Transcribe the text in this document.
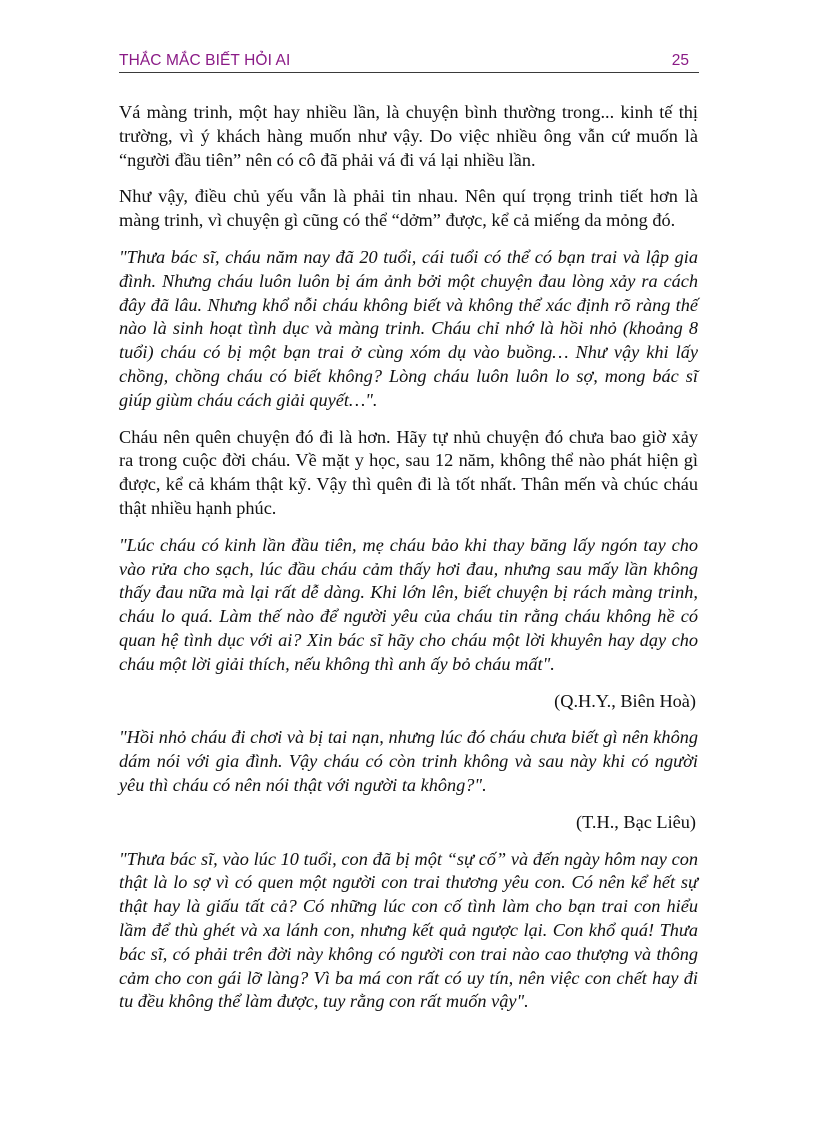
THẮC MẮC BIẾT HỎI AI	25

Vá màng trinh, một hay nhiều lần, là chuyện bình thường trong... kinh tế thị trường, vì ý khách hàng muốn như vậy. Do việc nhiều ông vẫn cứ muốn là “người đầu tiên” nên có cô đã phải vá đi vá lại nhiều lần.

Như vậy, điều chủ yếu vẫn là phải tin nhau. Nên quí trọng trinh tiết hơn là màng trinh, vì chuyện gì cũng có thể “dởm” được, kể cả miếng da mỏng đó.

"Thưa bác sĩ, cháu năm nay đã 20 tuổi, cái tuổi có thể có bạn trai và lập gia đình. Nhưng cháu luôn luôn bị ám ảnh bởi một chuyện đau lòng xảy ra cách đây đã lâu. Nhưng khổ nỗi cháu không biết và không thể xác định rõ ràng thế nào là sinh hoạt tình dục và màng trinh. Cháu chỉ nhớ là hồi nhỏ (khoảng 8 tuổi) cháu có bị một bạn trai ở cùng xóm dụ vào buồng… Như vậy khi lấy chồng, chồng cháu có biết không? Lòng cháu luôn luôn lo sợ, mong bác sĩ giúp giùm cháu cách giải quyết…".

Cháu nên quên chuyện đó đi là hơn. Hãy tự nhủ chuyện đó chưa bao giờ xảy ra trong cuộc đời cháu. Về mặt y học, sau 12 năm, không thể nào phát hiện gì được, kể cả khám thật kỹ. Vậy thì quên đi là tốt nhất. Thân mến và chúc cháu thật nhiều hạnh phúc.

"Lúc cháu có kinh lần đầu tiên, mẹ cháu bảo khi thay băng lấy ngón tay cho vào rửa cho sạch, lúc đầu cháu cảm thấy hơi đau, nhưng sau mấy lần không thấy đau nữa mà lại rất dễ dàng. Khi lớn lên, biết chuyện bị rách màng trinh, cháu lo quá. Làm thế nào để người yêu của cháu tin rằng cháu không hề có quan hệ tình dục với ai? Xin bác sĩ hãy cho cháu một lời khuyên hay dạy cho cháu một lời giải thích, nếu không thì anh ấy bỏ cháu mất".

(Q.H.Y., Biên Hoà)

"Hồi nhỏ cháu đi chơi và bị tai nạn, nhưng lúc đó cháu chưa biết gì nên không dám nói với gia đình. Vậy cháu có còn trinh không và sau này khi có người yêu thì cháu có nên nói thật với người ta không?".

(T.H., Bạc Liêu)

"Thưa bác sĩ, vào lúc 10 tuổi, con đã bị một “sự cố” và đến ngày hôm nay con thật là lo sợ vì có quen một người con trai thương yêu con. Có nên kể hết sự thật hay là giấu tất cả? Có những lúc con cố tình làm cho bạn trai con hiểu lầm để thù ghét và xa lánh con, nhưng kết quả ngược lại. Con khổ quá! Thưa bác sĩ, có phải trên đời này không có người con trai nào cao thượng và thông cảm cho con gái lỡ làng? Vì ba má con rất có uy tín, nên việc con chết hay đi tu đều không thể làm được, tuy rằng con rất muốn vậy".
